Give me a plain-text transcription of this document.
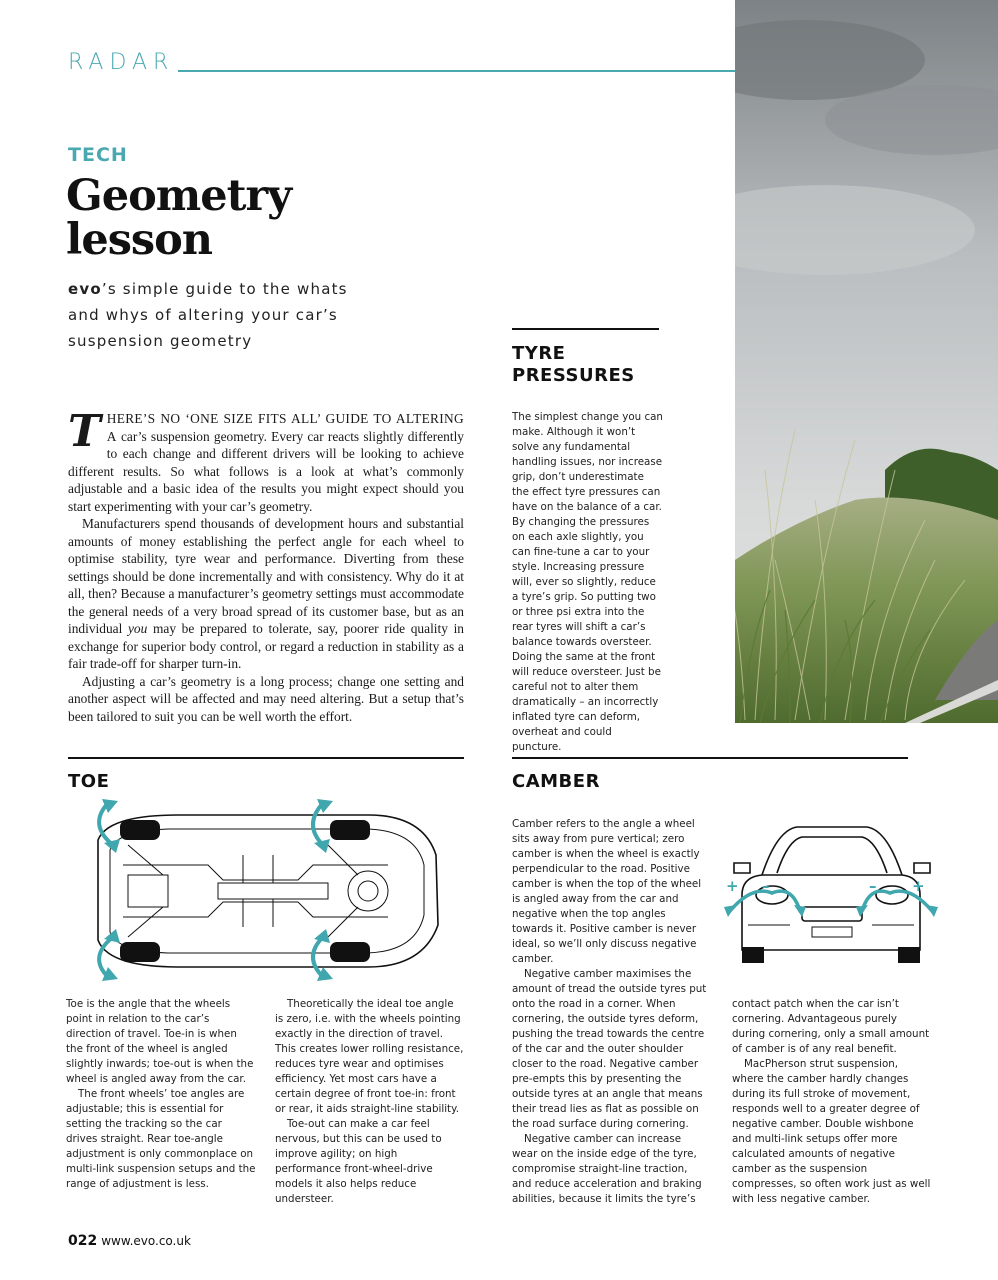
RADAR
TECH
Geometry
lesson
evo’s simple guide to the whats and whys of altering your car’s suspension geometry

THERE’S NO ‘ONE SIZE FITS ALL’ GUIDE TO ALTERING A car’s suspension geometry. Every car reacts slightly differently to each change and different drivers will be looking to achieve different results. So what follows is a look at what’s commonly adjustable and a basic idea of the results you might expect should you start experimenting with your car’s geometry.

Manufacturers spend thousands of development hours and substantial amounts of money establishing the perfect angle for each wheel to optimise stability, tyre wear and performance. Diverting from these settings should be done incrementally and with consistency. Why do it at all, then? Because a manufacturer’s geometry settings must accommodate the general needs of a very broad spread of its customer base, but as an individual you may be prepared to tolerate, say, poorer ride quality in exchange for superior body control, or regard a reduction in stability as a fair trade-off for sharper turn-in.

Adjusting a car’s geometry is a long process; change one setting and another aspect will be affected and may need altering. But a setup that’s been tailored to suit you can be well worth the effort.

TYRE
PRESSURES

The simplest change you can make. Although it won’t solve any fundamental handling issues, nor increase grip, don’t underestimate the effect tyre pressures can have on the balance of a car. By changing the pressures on each axle slightly, you can fine-tune a car to your style. Increasing pressure will, ever so slightly, reduce a tyre’s grip. So putting two or three psi extra into the rear tyres will shift a car’s balance towards oversteer. Doing the same at the front will reduce oversteer. Just be careful not to alter them dramatically – an incorrectly inflated tyre can deform, overheat and could puncture.

TOE

Toe is the angle that the wheels point in relation to the car’s direction of travel. Toe-in is when the front of the wheel is angled slightly inwards; toe-out is when the wheel is angled away from the car.

The front wheels’ toe angles are adjustable; this is essential for setting the tracking so the car drives straight. Rear toe-angle adjustment is only commonplace on multi-link suspension setups and the range of adjustment is less.

Theoretically the ideal toe angle is zero, i.e. with the wheels pointing exactly in the direction of travel. This creates lower rolling resistance, reduces tyre wear and optimises efficiency. Yet most cars have a certain degree of front toe-in: front or rear, it aids straight-line stability.

Toe-out can make a car feel nervous, but this can be used to improve agility; on high performance front-wheel-drive models it also helps reduce understeer.

CAMBER
+ –	– +

Camber refers to the angle a wheel sits away from pure vertical; zero camber is when the wheel is exactly perpendicular to the road. Positive camber is when the top of the wheel is angled away from the car and negative when the top angles towards it. Positive camber is never ideal, so we’ll only discuss negative camber.

Negative camber maximises the amount of tread the outside tyres put onto the road in a corner. When cornering, the outside tyres deform, pushing the tread towards the centre of the car and the outer shoulder closer to the road. Negative camber pre-empts this by presenting the outside tyres at an angle that means their tread lies as flat as possible on the road surface during cornering.

Negative camber can increase wear on the inside edge of the tyre, compromise straight-line traction, and reduce acceleration and braking abilities, because it limits the tyre’s

contact patch when the car isn’t cornering. Advantageous purely during cornering, only a small amount of camber is of any real benefit.

MacPherson strut suspension, where the camber hardly changes during its full stroke of movement, responds well to a greater degree of negative camber. Double wishbone and multi-link setups offer more calculated amounts of negative camber as the suspension compresses, so often work just as well with less negative camber.

022 www.evo.co.uk
